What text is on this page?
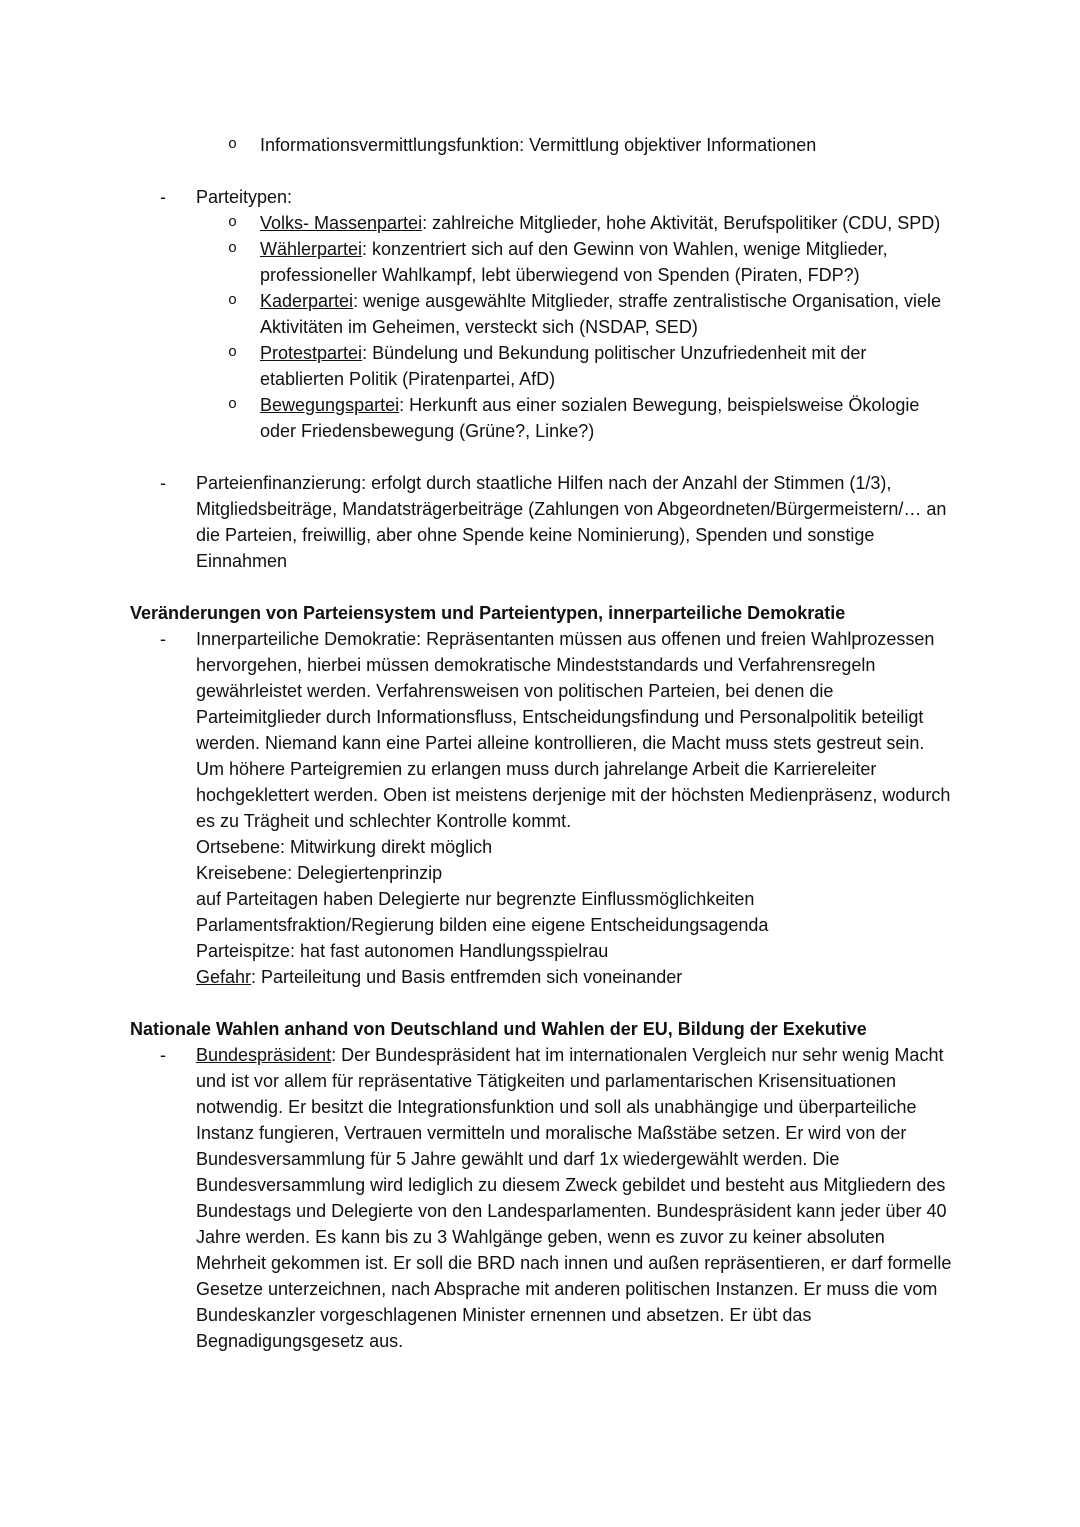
o	Informationsvermittlungsfunktion: Vermittlung objektiver Informationen
-	Parteitypen:
o	Volks- Massenpartei: zahlreiche Mitglieder, hohe Aktivität, Berufspolitiker (CDU, SPD)
o	Wählerpartei: konzentriert sich auf den Gewinn von Wahlen, wenige Mitglieder, professioneller Wahlkampf, lebt überwiegend von Spenden (Piraten, FDP?)
o	Kaderpartei: wenige ausgewählte Mitglieder, straffe zentralistische Organisation, viele Aktivitäten im Geheimen, versteckt sich (NSDAP, SED)
o	Protestpartei: Bündelung und Bekundung politischer Unzufriedenheit mit der etablierten Politik (Piratenpartei, AfD)
o	Bewegungspartei: Herkunft aus einer sozialen Bewegung, beispielsweise Ökologie oder Friedensbewegung (Grüne?, Linke?)
-	Parteienfinanzierung: erfolgt durch staatliche Hilfen nach der Anzahl der Stimmen (1/3), Mitgliedsbeiträge, Mandatsträgerbeiträge (Zahlungen von Abgeordneten/Bürgermeistern/… an die Parteien, freiwillig, aber ohne Spende keine Nominierung), Spenden und sonstige Einnahmen
Veränderungen von Parteiensystem und Parteientypen, innerparteiliche Demokratie
-	Innerparteiliche Demokratie: Repräsentanten müssen aus offenen und freien Wahlprozessen hervorgehen, hierbei müssen demokratische Mindeststandards und Verfahrensregeln gewährleistet werden. Verfahrensweisen von politischen Parteien, bei denen die Parteimitglieder durch Informationsfluss, Entscheidungsfindung und Personalpolitik beteiligt werden. Niemand kann eine Partei alleine kontrollieren, die Macht muss stets gestreut sein. Um höhere Parteigremien zu erlangen muss durch jahrelange Arbeit die Karriereleiter hochgeklettert werden. Oben ist meistens derjenige mit der höchsten Medienpräsenz, wodurch es zu Trägheit und schlechter Kontrolle kommt.
Ortsebene: Mitwirkung direkt möglich
Kreisebene: Delegiertenprinzip
auf Parteitagen haben Delegierte nur begrenzte Einflussmöglichkeiten
Parlamentsfraktion/Regierung bilden eine eigene Entscheidungsagenda
Parteispitze: hat fast autonomen Handlungsspielrau
Gefahr: Parteileitung und Basis entfremden sich voneinander
Nationale Wahlen anhand von Deutschland und Wahlen der EU, Bildung der Exekutive
-	Bundespräsident: Der Bundespräsident hat im internationalen Vergleich nur sehr wenig Macht und ist vor allem für repräsentative Tätigkeiten und parlamentarischen Krisensituationen notwendig. Er besitzt die Integrationsfunktion und soll als unabhängige und überparteiliche Instanz fungieren, Vertrauen vermitteln und moralische Maßstäbe setzen. Er wird von der Bundesversammlung für 5 Jahre gewählt und darf 1x wiedergewählt werden. Die Bundesversammlung wird lediglich zu diesem Zweck gebildet und besteht aus Mitgliedern des Bundestags und Delegierte von den Landesparlamenten. Bundespräsident kann jeder über 40 Jahre werden. Es kann bis zu 3 Wahlgänge geben, wenn es zuvor zu keiner absoluten Mehrheit gekommen ist. Er soll die BRD nach innen und außen repräsentieren, er darf formelle Gesetze unterzeichnen, nach Absprache mit anderen politischen Instanzen. Er muss die vom Bundeskanzler vorgeschlagenen Minister ernennen und absetzen. Er übt das Begnadigungsgesetz aus.
